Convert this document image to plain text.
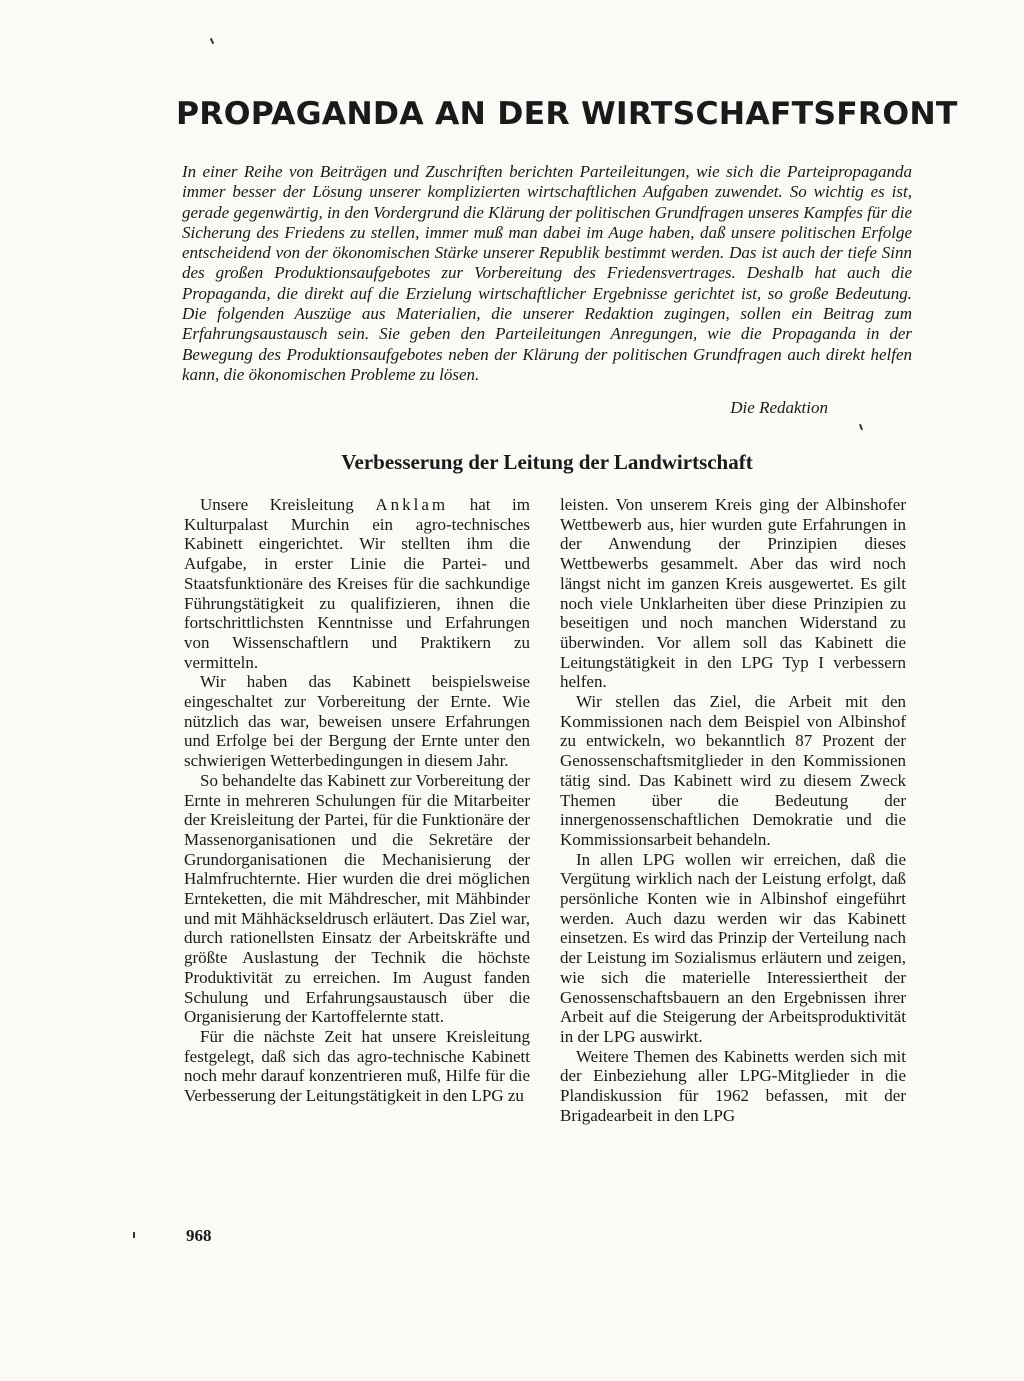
PROPAGANDA AN DER WIRTSCHAFTSFRONT

In einer Reihe von Beiträgen und Zuschriften berichten Parteileitungen, wie sich die Parteipropaganda immer besser der Lösung unserer komplizierten wirtschaftlichen Aufgaben zuwendet. So wichtig es ist, gerade gegenwärtig, in den Vordergrund die Klärung der politischen Grundfragen unseres Kampfes für die Sicherung des Friedens zu stellen, immer muß man dabei im Auge haben, daß unsere politischen Erfolge entscheidend von der ökonomischen Stärke unserer Republik bestimmt werden. Das ist auch der tiefe Sinn des großen Produktionsaufgebotes zur Vorbereitung des Friedensvertrages. Deshalb hat auch die Propaganda, die direkt auf die Erzielung wirtschaftlicher Ergebnisse gerichtet ist, so große Bedeutung. Die folgenden Auszüge aus Materialien, die unserer Redaktion zugingen, sollen ein Beitrag zum Erfahrungsaustausch sein. Sie geben den Parteileitungen Anregungen, wie die Propaganda in der Bewegung des Produktionsaufgebotes neben der Klärung der politischen Grundfragen auch direkt helfen kann, die ökonomischen Probleme zu lösen.

Die Redaktion
Verbesserung der Leitung der Landwirtschaft

Unsere Kreisleitung Anklam hat im Kulturpalast Murchin ein agro-technisches Kabinett eingerichtet. Wir stellten ihm die Aufgabe, in erster Linie die Partei- und Staatsfunktionäre des Kreises für die sachkundige Führungstätigkeit zu qualifizieren, ihnen die fortschrittlichsten Kenntnisse und Erfahrungen von Wissenschaftlern und Praktikern zu vermitteln.

Wir haben das Kabinett beispielsweise eingeschaltet zur Vorbereitung der Ernte. Wie nützlich das war, beweisen unsere Erfahrungen und Erfolge bei der Bergung der Ernte unter den schwierigen Wetterbedingungen in diesem Jahr.

So behandelte das Kabinett zur Vorbereitung der Ernte in mehreren Schulungen für die Mitarbeiter der Kreisleitung der Partei, für die Funktionäre der Massenorganisationen und die Sekretäre der Grundorganisationen die Mechanisierung der Halmfruchternte. Hier wurden die drei möglichen Ernteketten, die mit Mähdrescher, mit Mähbinder und mit Mähhäckseldrusch erläutert. Das Ziel war, durch rationellsten Einsatz der Arbeitskräfte und größte Auslastung der Technik die höchste Produktivität zu erreichen. Im August fanden Schulung und Erfahrungsaustausch über die Organisierung der Kartoffelernte statt.

Für die nächste Zeit hat unsere Kreisleitung festgelegt, daß sich das agro-technische Kabinett noch mehr darauf konzentrieren muß, Hilfe für die Verbesserung der Leitungstätigkeit in den LPG zu

leisten. Von unserem Kreis ging der Albinshofer Wettbewerb aus, hier wurden gute Erfahrungen in der Anwendung der Prinzipien dieses Wettbewerbs gesammelt. Aber das wird noch längst nicht im ganzen Kreis ausgewertet. Es gilt noch viele Unklarheiten über diese Prinzipien zu beseitigen und noch manchen Widerstand zu überwinden. Vor allem soll das Kabinett die Leitungstätigkeit in den LPG Typ I verbessern helfen.

Wir stellen das Ziel, die Arbeit mit den Kommissionen nach dem Beispiel von Albinshof zu entwickeln, wo bekanntlich 87 Prozent der Genossenschaftsmitglieder in den Kommissionen tätig sind. Das Kabinett wird zu diesem Zweck Themen über die Bedeutung der innergenossenschaftlichen Demokratie und die Kommissionsarbeit behandeln.

In allen LPG wollen wir erreichen, daß die Vergütung wirklich nach der Leistung erfolgt, daß persönliche Konten wie in Albinshof eingeführt werden. Auch dazu werden wir das Kabinett einsetzen. Es wird das Prinzip der Verteilung nach der Leistung im Sozialismus erläutern und zeigen, wie sich die materielle Interessiertheit der Genossenschaftsbauern an den Ergebnissen ihrer Arbeit auf die Steigerung der Arbeitsproduktivität in der LPG auswirkt.

Weitere Themen des Kabinetts werden sich mit der Einbeziehung aller LPG-Mitglieder in die Plandiskussion für 1962 befassen, mit der Brigadearbeit in den LPG

968
